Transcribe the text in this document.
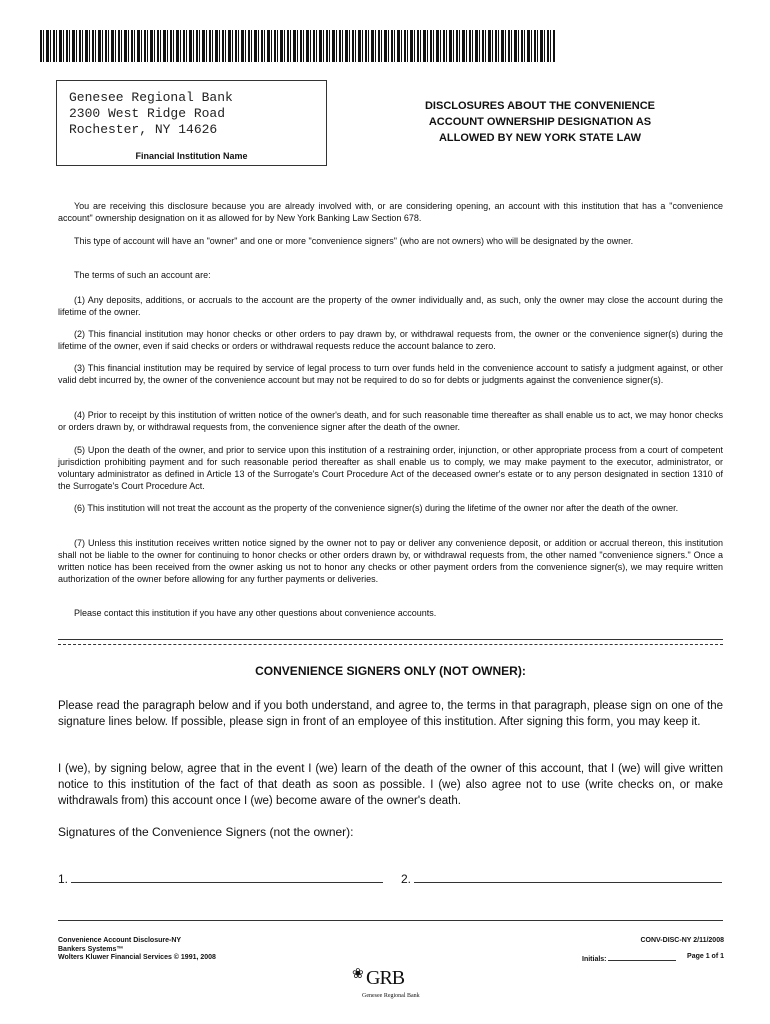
Genesee Regional Bank
2300 West Ridge Road
Rochester, NY 14626
Financial Institution Name
DISCLOSURES ABOUT THE CONVENIENCE
ACCOUNT OWNERSHIP DESIGNATION AS
ALLOWED BY NEW YORK STATE LAW

You are receiving this disclosure because you are already involved with, or are considering opening, an account with this institution that has a "convenience account" ownership designation on it as allowed for by New York Banking Law Section 678.

This type of account will have an "owner" and one or more "convenience signers" (who are not owners) who will be designated by the owner.

The terms of such an account are:

(1) Any deposits, additions, or accruals to the account are the property of the owner individually and, as such, only the owner may close the account during the lifetime of the owner.

(2) This financial institution may honor checks or other orders to pay drawn by, or withdrawal requests from, the owner or the convenience signer(s) during the lifetime of the owner, even if said checks or orders or withdrawal requests reduce the account balance to zero.

(3) This financial institution may be required by service of legal process to turn over funds held in the convenience account to satisfy a judgment against, or other valid debt incurred by, the owner of the convenience account but may not be required to do so for debts or judgments against the convenience signer(s).

(4) Prior to receipt by this institution of written notice of the owner's death, and for such reasonable time thereafter as shall enable us to act, we may honor checks or orders drawn by, or withdrawal requests from, the convenience signer after the death of the owner.

(5) Upon the death of the owner, and prior to service upon this institution of a restraining order, injunction, or other appropriate process from a court of competent jurisdiction prohibiting payment and for such reasonable period thereafter as shall enable us to comply, we may make payment to the executor, administrator, or voluntary administrator as defined in Article 13 of the Surrogate's Court Procedure Act of the deceased owner's estate or to any person designated in section 1310 of the Surrogate's Court Procedure Act.

(6) This institution will not treat the account as the property of the convenience signer(s) during the lifetime of the owner nor after the death of the owner.

(7) Unless this institution receives written notice signed by the owner not to pay or deliver any convenience deposit, or addition or accrual thereon, this institution shall not be liable to the owner for continuing to honor checks or other orders drawn by, or withdrawal requests from, the other named "convenience signers." Once a written notice has been received from the owner asking us not to honor any checks or other payment orders from the convenience signer(s), we may require written authorization of the owner before allowing for any further payments or deliveries.

Please contact this institution if you have any other questions about convenience accounts.

CONVENIENCE SIGNERS ONLY (NOT OWNER):

Please read the paragraph below and if you both understand, and agree to, the terms in that paragraph, please sign on one of the signature lines below. If possible, please sign in front of an employee of this institution. After signing this form, you may keep it.

I (we), by signing below, agree that in the event I (we) learn of the death of the owner of this account, that I (we) will give written notice to this institution of the fact of that death as soon as possible. I (we) also agree not to use (write checks on, or make withdrawals from) this account once I (we) become aware of the owner's death.

Signatures of the Convenience Signers (not the owner):

1.	2.
Convenience Account Disclosure-NY
Bankers Systems™
Wolters Kluwer Financial Services © 1991, 2008
CONV-DISC-NY 2/11/2008
Initials:	Page 1 of 1
❀ GRB
Genesee Regional Bank
